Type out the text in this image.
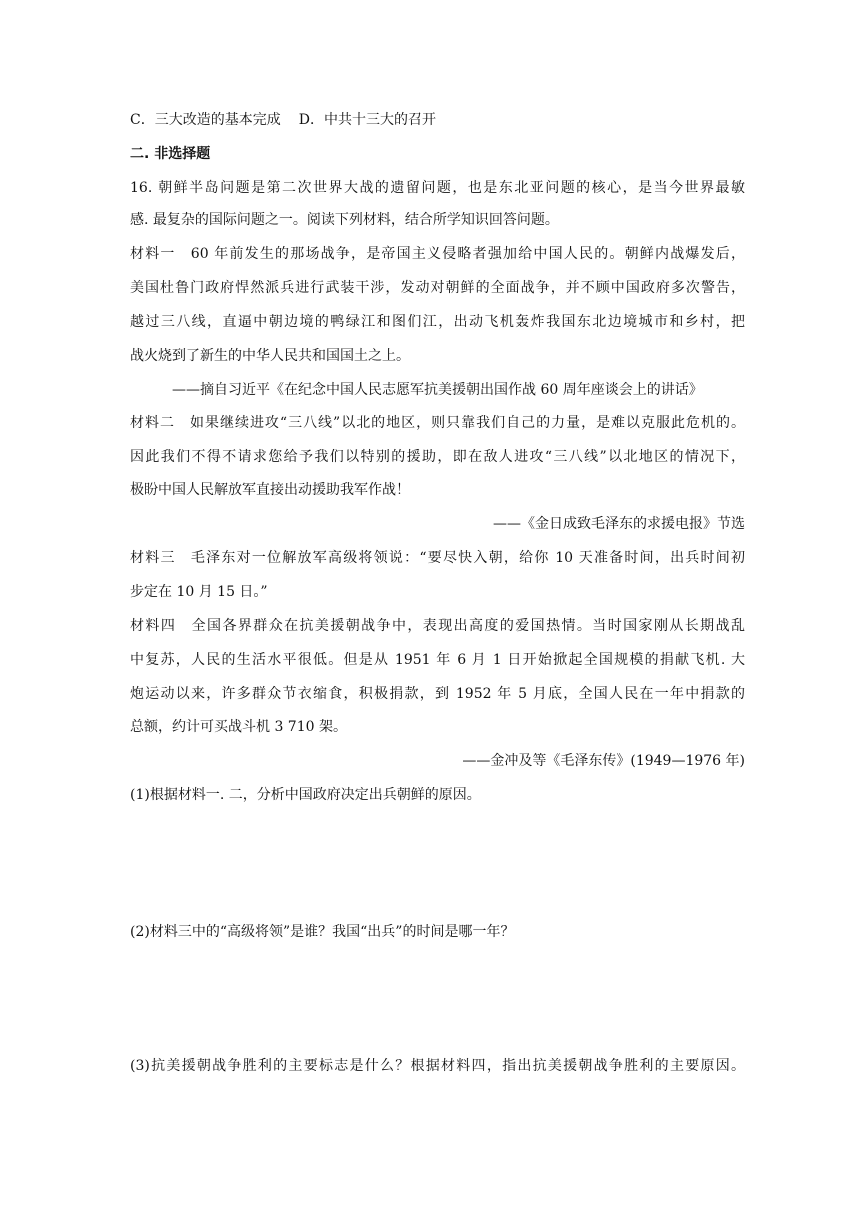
C．三大改造的基本完成 D．中共十三大的召开
二. 非选择题
16. 朝鲜半岛问题是第二次世界大战的遗留问题，也是东北亚问题的核心，是当今世界最敏
感. 最复杂的国际问题之一。阅读下列材料，结合所学知识回答问题。
材料一　60 年前发生的那场战争，是帝国主义侵略者强加给中国人民的。朝鲜内战爆发后，
美国杜鲁门政府悍然派兵进行武装干涉，发动对朝鲜的全面战争，并不顾中国政府多次警告，
越过三八线，直逼中朝边境的鸭绿江和图们江，出动飞机轰炸我国东北边境城市和乡村，把
战火烧到了新生的中华人民共和国国土之上。
——摘自习近平《在纪念中国人民志愿军抗美援朝出国作战 60 周年座谈会上的讲话》
材料二　如果继续进攻“三八线”以北的地区，则只靠我们自己的力量，是难以克服此危机的。
因此我们不得不请求您给予我们以特别的援助，即在敌人进攻“三八线”以北地区的情况下，
极盼中国人民解放军直接出动援助我军作战！
——《金日成致毛泽东的求援电报》节选
材料三　毛泽东对一位解放军高级将领说：“要尽快入朝，给你 10 天准备时间，出兵时间初
步定在 10 月 15 日。”
材料四　全国各界群众在抗美援朝战争中，表现出高度的爱国热情。当时国家刚从长期战乱
中复苏，人民的生活水平很低。但是从 1951 年 6 月 1 日开始掀起全国规模的捐献飞机. 大
炮运动以来，许多群众节衣缩食，积极捐款，到 1952 年 5 月底，全国人民在一年中捐款的
总额，约计可买战斗机 3 710 架。
——金冲及等《毛泽东传》(1949—1976 年)
(1)根据材料一. 二，分析中国政府决定出兵朝鲜的原因。
(2)材料三中的“高级将领”是谁？我国“出兵”的时间是哪一年？
(3)抗美援朝战争胜利的主要标志是什么？根据材料四，指出抗美援朝战争胜利的主要原因。
